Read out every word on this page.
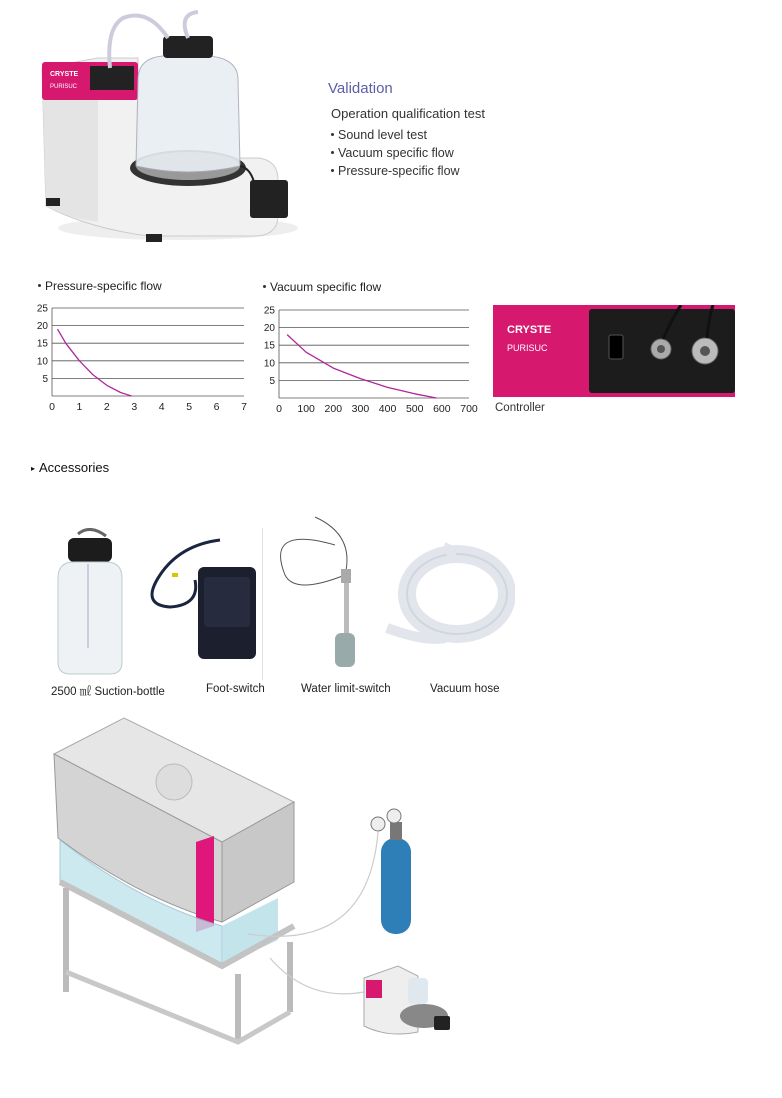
CRYSTE
PURISUC	Validation
Operation qualification test
Sound level test
Vacuum specific flow
Pressure-specific flow
Pressure-specific flow
5
10
15
20
25
0 1 2 3 4 5 6 7
Vacuum specific flow
5
10
15
20
25
0 100 200 300 400 500 600 700
CRYSTE
PURISUC
Controller
▸ Accessories
2500 ㎖ Suction-bottle	Foot-switch	Water limit-switch	Vacuum hose
